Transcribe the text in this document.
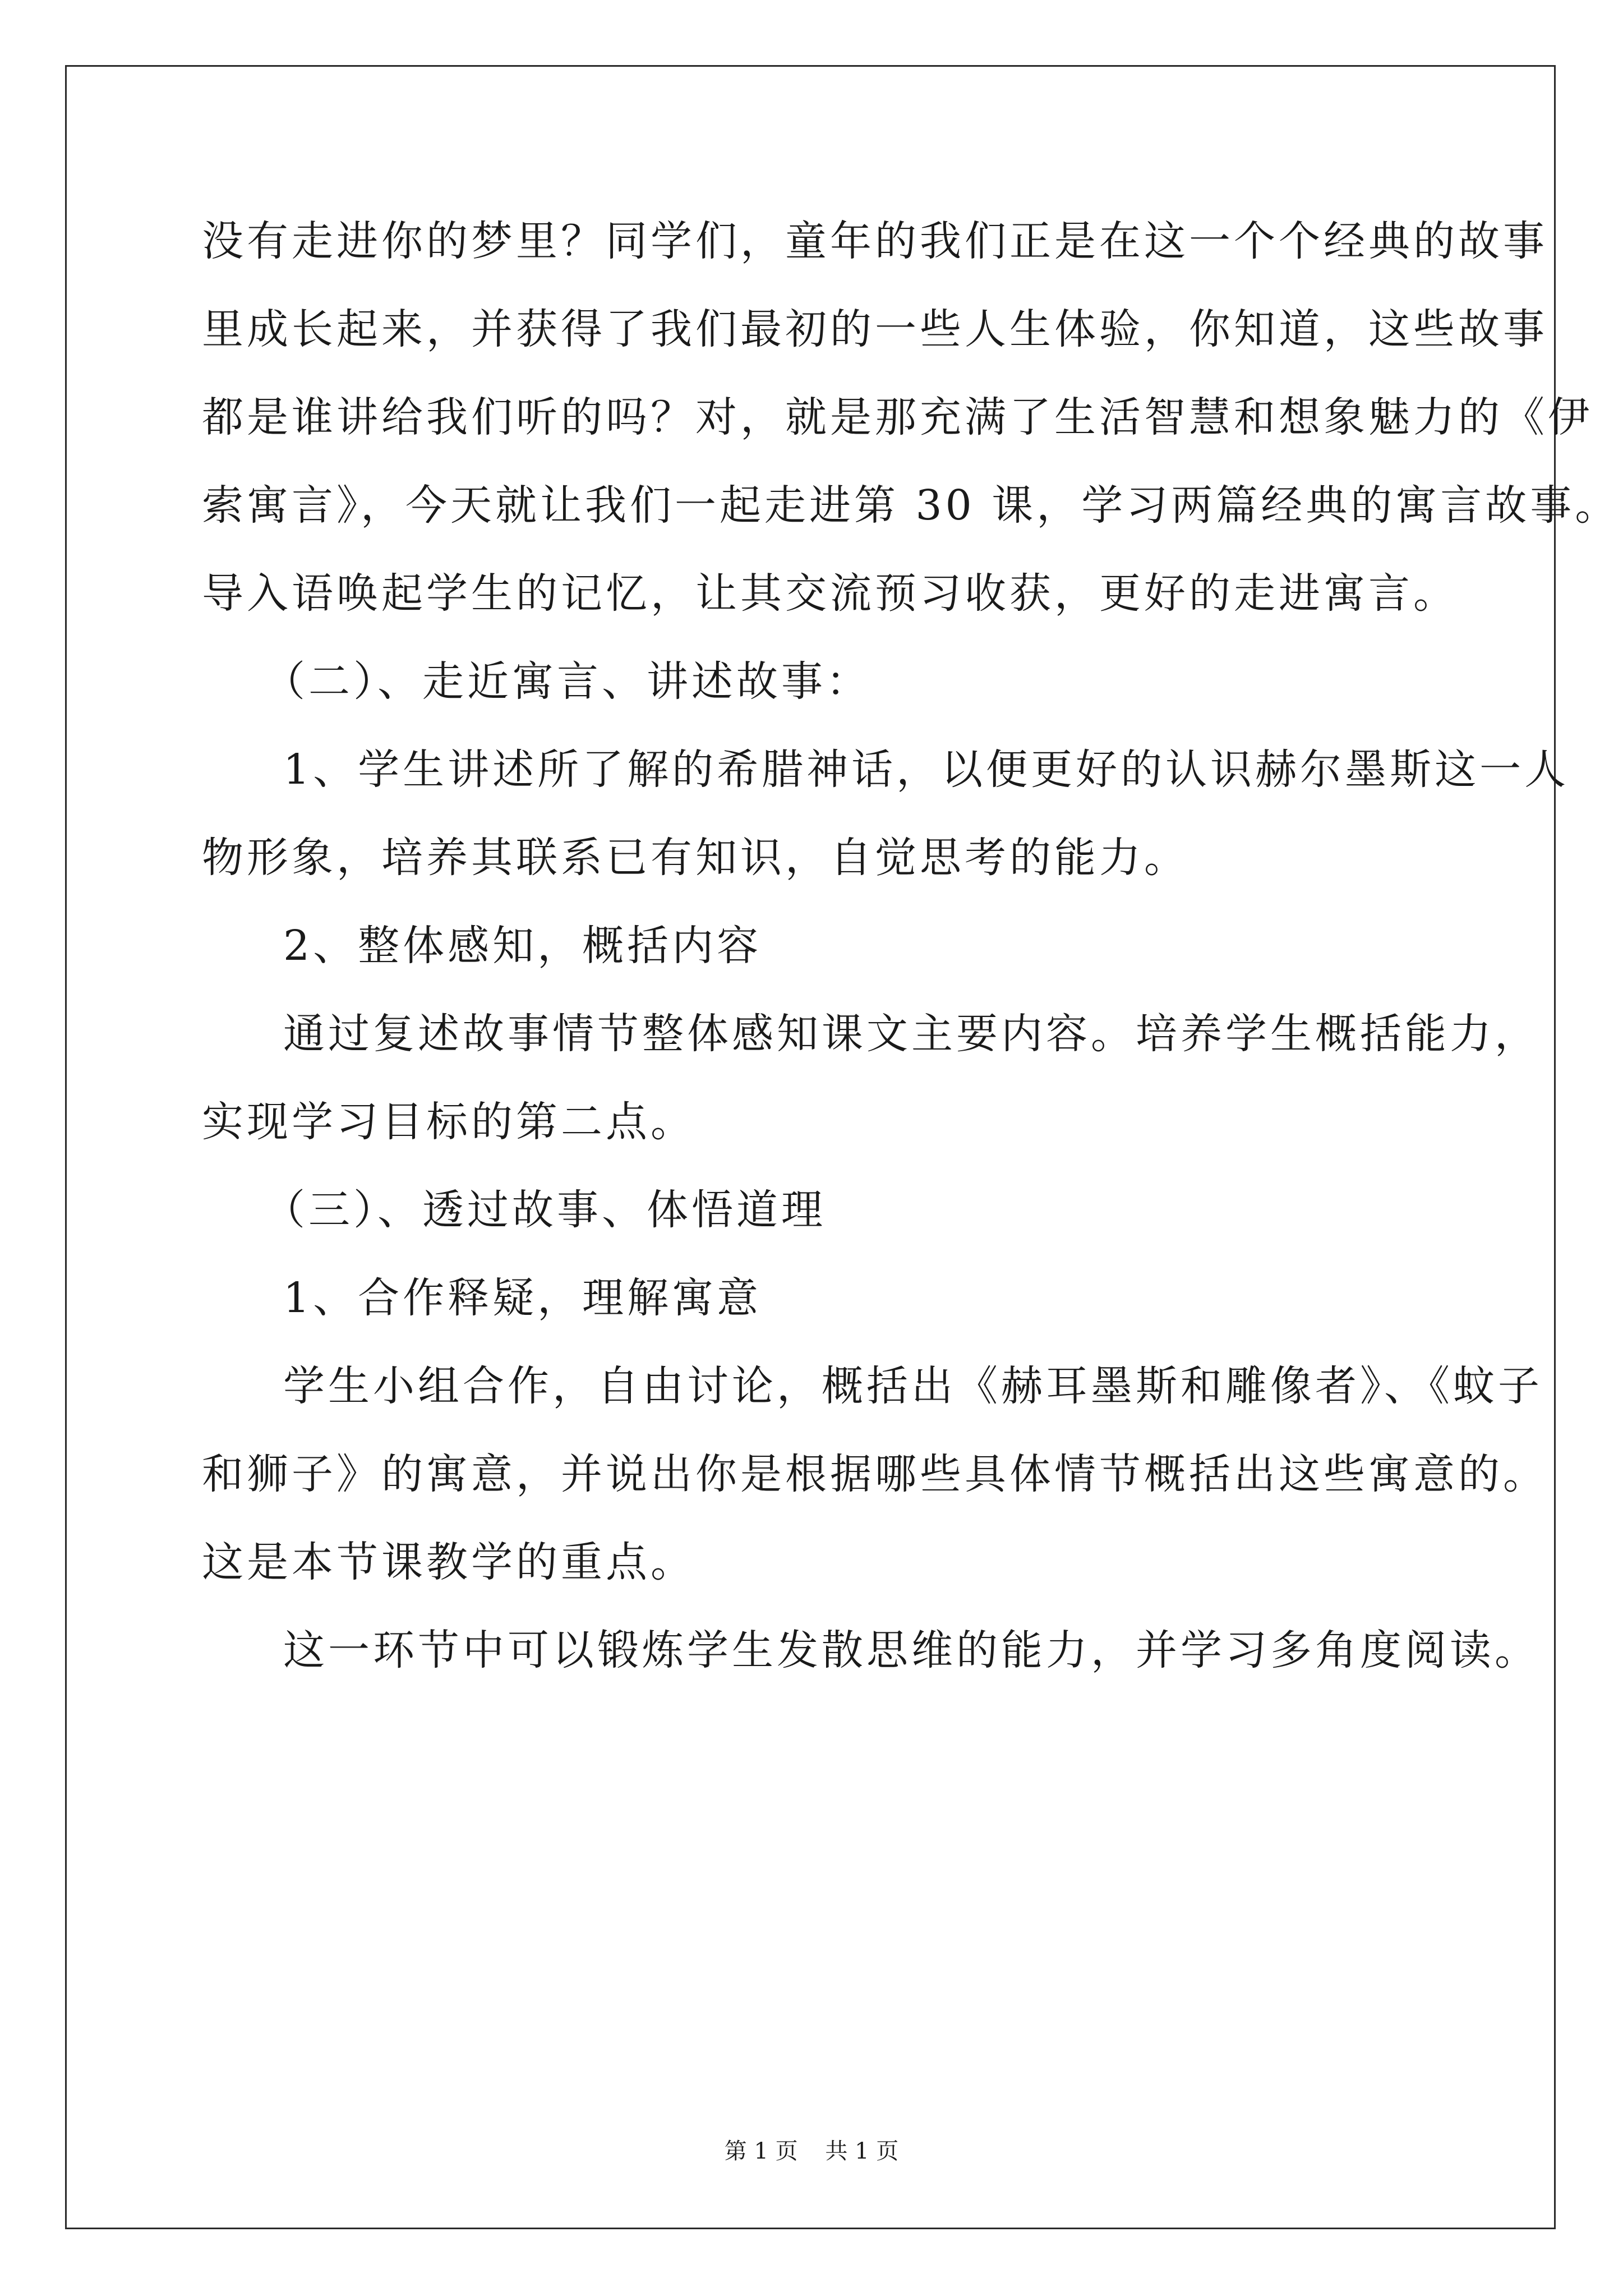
没有走进你的梦里？同学们，童年的我们正是在这一个个经典的故事
里成长起来，并获得了我们最初的一些人生体验，你知道，这些故事
都是谁讲给我们听的吗？对，就是那充满了生活智慧和想象魅力的《伊
索寓言》，今天就让我们一起走进第 30 课，学习两篇经典的寓言故事。
导入语唤起学生的记忆，让其交流预习收获，更好的走进寓言。
（二）、走近寓言、讲述故事：
1、学生讲述所了解的希腊神话，以便更好的认识赫尔墨斯这一人
物形象，培养其联系已有知识，自觉思考的能力。
2、整体感知，概括内容
通过复述故事情节整体感知课文主要内容。培养学生概括能力，
实现学习目标的第二点。
（三）、透过故事、体悟道理
1、合作释疑，理解寓意
学生小组合作，自由讨论，概括出《赫耳墨斯和雕像者》、《蚊子
和狮子》的寓意，并说出你是根据哪些具体情节概括出这些寓意的。
这是本节课教学的重点。
这一环节中可以锻炼学生发散思维的能力，并学习多角度阅读。
第 1 页 共 1 页
